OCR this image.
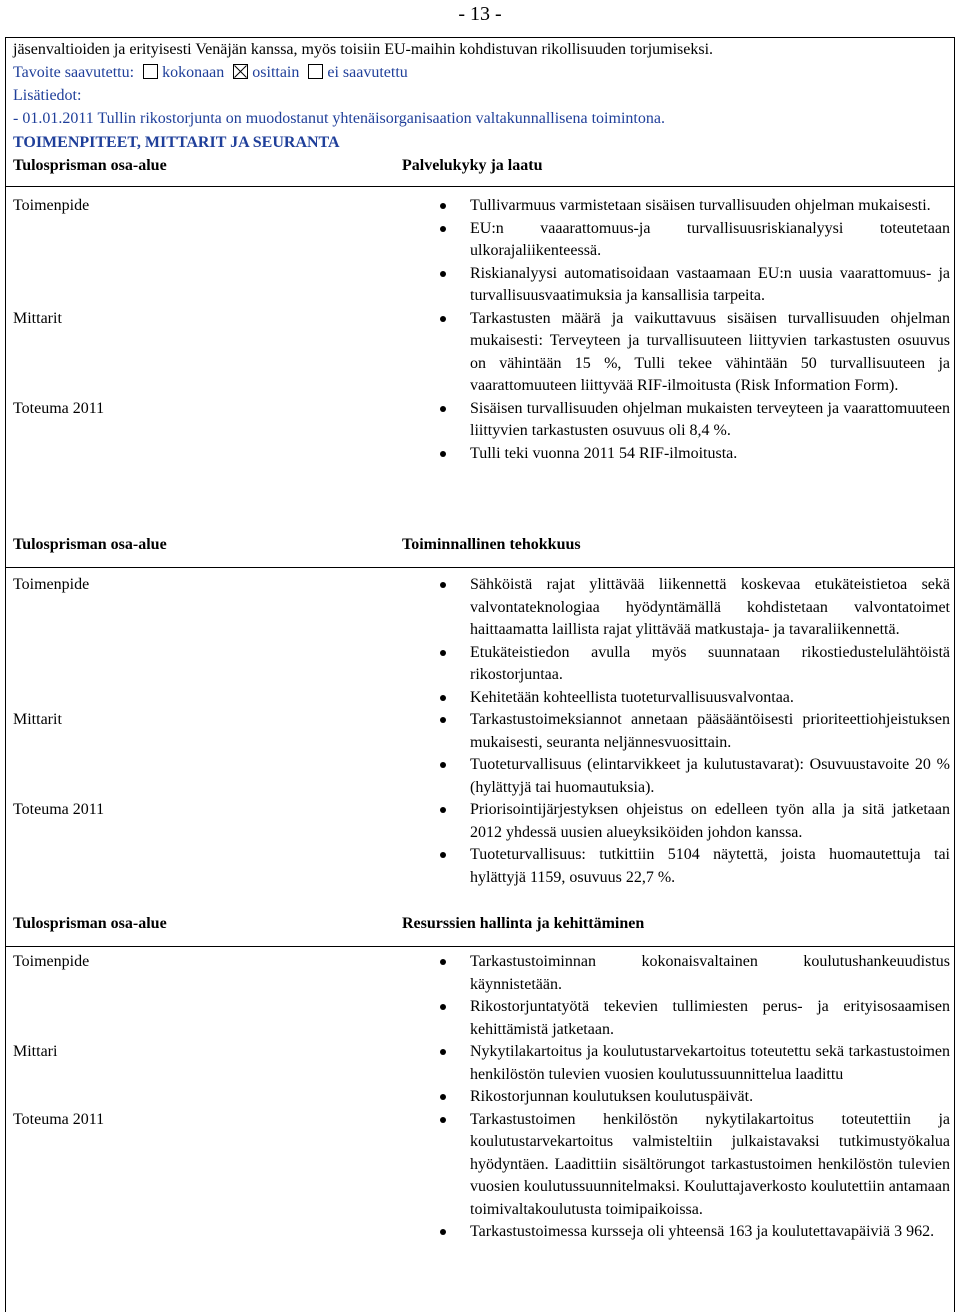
- 13 -

jäsenvaltioiden ja erityisesti Venäjän kanssa, myös toisiin EU-maihin kohdistuvan rikollisuuden torjumiseksi.

Tavoite saavutettu: kokonaan osittain ei saavutettu

Lisätiedot:

- 01.01.2011 Tullin rikostorjunta on muodostanut yhtenäisorganisaation valtakunnallisena toimintona.

TOIMENPITEET, MITTARIT JA SEURANTA
Tulosprisman osa-alue	Palvelukyky ja laatu
Toimenpide	Tullivarmuus varmistetaan sisäisen turvallisuuden ohjelman mukaisesti.
EU:n vaaarattomuus-ja turvallisuusriskianalyysi toteutetaan ulkorajaliikenteessä.
Riskianalyysi automatisoidaan vastaamaan EU:n uusia vaarattomuus- ja turvallisuusvaatimuksia ja kansallisia tarpeita.
Mittarit	Tarkastusten määrä ja vaikuttavuus sisäisen turvallisuuden ohjelman mukaisesti: Terveyteen ja turvallisuuteen liittyvien tarkastusten osuuvus on vähintään 15 %, Tulli tekee vähintään 50 turvallisuuteen ja vaarattomuuteen liittyvää RIF-ilmoitusta (Risk Information Form).
Toteuma 2011	Sisäisen turvallisuuden ohjelman mukaisten terveyteen ja vaarattomuuteen liittyvien tarkastusten osuvuus oli 8,4 %.
Tulli teki vuonna 2011 54 RIF-ilmoitusta.
Tulosprisman osa-alue	Toiminnallinen tehokkuus
Toimenpide	Sähköistä rajat ylittävää liikennettä koskevaa etukäteistietoa sekä valvontateknologiaa hyödyntämällä kohdistetaan valvontatoimet haittaamatta laillista rajat ylittävää matkustaja- ja tavaraliikennettä.
Etukäteistiedon avulla myös suunnataan rikostiedustelulähtöistä rikostorjuntaa.
Kehitetään kohteellista tuoteturvallisuusvalvontaa.
Mittarit	Tarkastustoimeksiannot annetaan pääsääntöisesti prioriteettiohjeistuksen mukaisesti, seuranta neljännesvuosittain.
Tuoteturvallisuus (elintarvikkeet ja kulutustavarat): Osuvuustavoite 20 % (hylättyjä tai huomautuksia).
Toteuma 2011	Priorisointijärjestyksen ohjeistus on edelleen työn alla ja sitä jatketaan 2012 yhdessä uusien alueyksiköiden johdon kanssa.
Tuoteturvallisuus: tutkittiin 5104 näytettä, joista huomautettuja tai hylättyjä 1159, osuvuus 22,7 %.
Tulosprisman osa-alue	Resurssien hallinta ja kehittäminen
Toimenpide	Tarkastustoiminnan kokonaisvaltainen koulutushankeuudistus käynnistetään.
Rikostorjuntatyötä tekevien tullimiesten perus- ja erityisosaamisen kehittämistä jatketaan.
Mittari	Nykytilakartoitus ja koulutustarvekartoitus toteutettu sekä tarkastustoimen henkilöstön tulevien vuosien koulutussuunnittelua laadittu
Rikostorjunnan koulutuksen koulutuspäivät.
Toteuma 2011	Tarkastustoimen henkilöstön nykytilakartoitus toteutettiin ja koulutustarvekartoitus valmisteltiin julkaistavaksi tutkimustyökalua hyödyntäen. Laadittiin sisältörungot tarkastustoimen henkilöstön tulevien vuosien koulutussuunnitelmaksi. Kouluttajaverkosto koulutettiin antamaan toimivaltakoulutusta toimipaikoissa.
Tarkastustoimessa kursseja oli yhteensä 163 ja koulutettavapäiviä 3 962.
